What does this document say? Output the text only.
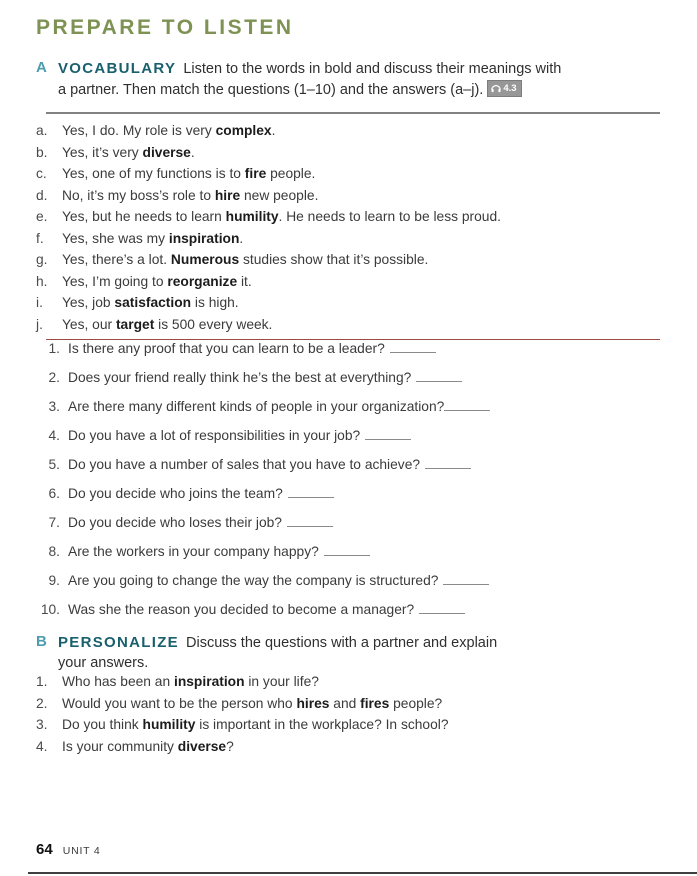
PREPARE TO LISTEN
A VOCABULARY Listen to the words in bold and discuss their meanings with a partner. Then match the questions (1–10) and the answers (a–j). 4.3
a.	Yes, I do. My role is very complex.
b.	Yes, it’s very diverse.
c.	Yes, one of my functions is to fire people.
d.	No, it’s my boss’s role to hire new people.
e.	Yes, but he needs to learn humility. He needs to learn to be less proud.
f.	Yes, she was my inspiration.
g.	Yes, there’s a lot. Numerous studies show that it’s possible.
h.	Yes, I’m going to reorganize it.
i.	Yes, job satisfaction is high.
j.	Yes, our target is 500 every week.
1. Is there any proof that you can learn to be a leader?
2. Does your friend really think he’s the best at everything?
3. Are there many different kinds of people in your organization?
4. Do you have a lot of responsibilities in your job?
5. Do you have a number of sales that you have to achieve?
6. Do you decide who joins the team?
7. Do you decide who loses their job?
8. Are the workers in your company happy?
9. Are you going to change the way the company is structured?
10. Was she the reason you decided to become a manager?
B PERSONALIZE Discuss the questions with a partner and explain your answers.
1.	Who has been an inspiration in your life?
2.	Would you want to be the person who hires and fires people?
3.	Do you think humility is important in the workplace? In school?
4.	Is your community diverse?
64 UNIT 4
